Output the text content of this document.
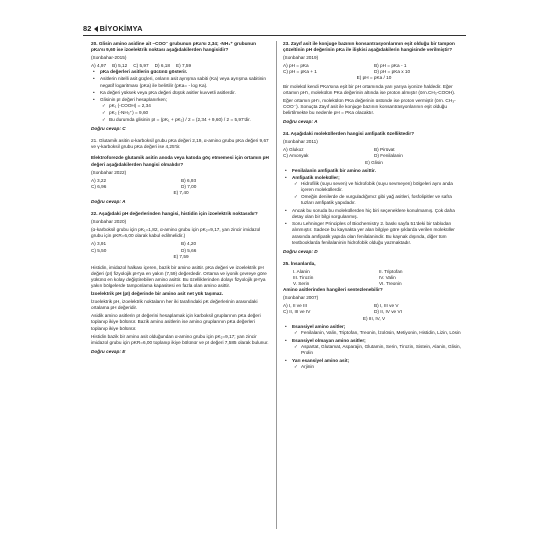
82 BİYOKİMYA

20. Glisin amino asidine ait –COO⁻ grubunun pKa'sı 2,34; -NH₃⁺ grubunun pKa'sı 9,60 ise izoelektrik noktası aşağıdakilerden hangisidir?

(Sonbahar-2015)

A) 4,97 B) 5,12 C) 5,97 D) 6,18 E) 7,59
• pKa değerleri asitlerin gücünü gösterir.
• Asitlerin nitelli asit güçleri, onların asit ayrışma sabiti (Ka) veya ayrışma sabitinin negatif logaritması (pKa) ile belirtilir (pKa= - log Ka).
• Ka değeri yüksek veya pKa değeri düşük asitler kuvvetli asitlerdir.
• Glisinin pI değeri hesaplanırken;
✓ pK₁ (-COOH) = 2,34
✓ pK₂ (-NH₃⁺) = 9,60
✓ Bu durumda glisinin pI = (pK₁ + pK₂) / 2 = (2,34 + 9,60) / 2 = 5,97'dir.

Doğru cevap: C

21. Glutamik asitin α-karboksil grubu pKa değeri 2,19, α-amino grubu pKa değeri 9,67 ve γ-karboksil grubu pKa değeri ise 4,25'tir.

Elektroforezde glutamik asitin anoda veya katoda göç etmemesi için ortamın pH değeri aşağıdakilerden hangisi olmalıdır?

(Sonbahar 2022)

A) 3,22	B) 6,93
C) 6,96	D) 7,00

E) 7,40

Doğru cevap: A

22. Aşağıdaki pH değerlerinden hangisi, histidin için izoelektrik noktasıdır?

(Sonbahar 2020)

(α-karboksil grubu için pK₁=1,82, α-amino grubu için pK₂=9,17, yan zincir imidazol grubu için pKR=6,00 olarak kabul edilmelidir.)

A) 3,91	B) 4,20
C) 5,50	D) 5,66

E) 7,59

Histidin, imidazol halkası içeren, bazik bir amino asittir. pKa değeri ve izoelektrik pH değeri (pI) fizyolojik pH'ya en yakın (7,59) değerdedir. Ortama ve iyonik çevreye göre yükünü en kolay değiştirebilen amino asittir. Bu özelliklerinden dolayı fizyolojik pH'ya yakın bölgelerde tamponlama kapasitesi en fazla olan amino asittir.

İzoelektrik pH (pI) değerinde bir amino asit net yük taşımaz.

İzoelektrik pH, izoelektrik noktaların her iki tarafındaki pK değerlerinin arasındaki ortalama pH değeridir.

Asidik amino asitlerin pI değerini hesaplamak için karboksil gruplarının pKa değeri toplanıp ikiye bölünür. Bazik amino asitlerin ise amino gruplarının pKa değerleri toplanıp ikiye bölünür.

Histidin bazik bir amino asit olduğundan α-amino grubu için pK₂=9,17; yan zincir imidazol grubu için pKR=6,00 toplanıp ikiye bölünür ve pI değeri 7,585 olarak bulunur.

Doğru cevap: E

23. Zayıf asit ile konjuge bazının konsantrasyonlarının eşit olduğu bir tampon çözeltinin pH değerinin pKa ile ilişkisi aşağıdakilerin hangisinde verilmiştir?

(Sonbahar 2019)

A) pH = pKa	B) pH = pKa - 1
C) pH = pKa + 1	D) pH = pKa x 10

E) pH = pKa / 10

Bir molekül kendi PKa'sına eşit bir pH ortamında yarı yarıya iyonize haldedir. Eğer ortamın pH'ı, molekülün PKa değerinin altında ise proton almıştır (örn.CH₃-COOH).

Eğer ortamın pH'ı, molekülün PKa değerinin üstünde ise proton vermiştir (örn. CH₃-COO⁻). Sonuçta Zayıf asit ile konjuge bazının konsantrasyonlarının eşit olduğu belirtilmekte bu nedenle pH = PKa olacaktır.

Doğru cevap: A

24. Aşağıdaki moleküllerden hangisi amfipatik özelliktedir?

(Sonbahar 2011)

A) Glukoz	B) Pirüvat
C) Amonyak	D) Fenilalanin

E) Glisin

• Fenilalanin amfipatik bir amino asittir.
• Amfipatik moleküller;
✓ Hidrofilik (suyu seven) ve hidrofobik (suyu sevmeyen) bölgeleri aynı anda içeren moleküllerdir.
✓ Omeğin denilerde de vurguladığımız gibi yağ asitleri, fosfolipitler ve safra tuzları amfipatik yapıdadır.
• Ancak bu soruda bu moleküllerden hiç biri seçeneklere konulmamış. Çok daha detay olan bir bilgi sorgulanmış.
• Soru Lehninger Principles of Biochemistry 2. baskı sayfa 51'deki bir tablodan alınmıştır. Sadece bu kaynakta yer alan bilgiye göre şıklarda verilen moleküller arasında amfipatik yapıda olan fenilalanindir. Bu kaynak dışında, diğer tüm textbooklarda fenilalaninin hidrofobik olduğu yazmaktadır.

Doğru cevap: D

25. İnsanlarda,

I. Alanin	II. Triptofan
III. Tirozin	IV. Valin
V. Serin	VI. Treonin

Amino asitlerinden hangileri sentezlenebilir?

(Sonbahar 2007)

A) I, II ve III	B) I, III ve V
C) II, III ve IV	D) II, IV ve VI

E) III, IV, V

• Esansiyel amino asitler;
✓ Fenilalanin, Valin, Triptofan, Treonin, İzolösin, Metiyonin, Histidin, Lizin, Lösin
• Esansiyel olmayan amino asitler;
✓ Aspartat, Glutamat, Asparajin, Glutamin, Serin, Tirozin, Sistein, Alanin, Glisin, Prolin
• Yarı esansiyel amino asit;
✓ Arjinin
